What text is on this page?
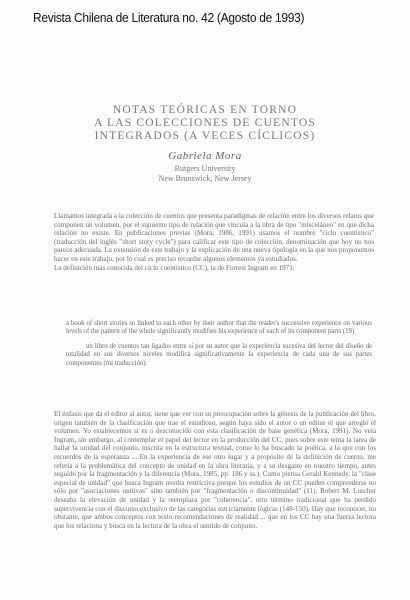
Revista Chilena de Literatura no. 42 (Agosto de 1993)
NOTAS TEÓRICAS EN TORNO
A LAS COLECCIONES DE CUENTOS
INTEGRADOS (A VECES CÍCLICOS)
Gabriela Mora
Rutgers University
New Brunswick, New Jersey

Llamamos integrada a la colección de cuentos que presenta paradigmas de relación entre los diversos relatos que componen un volumen, por el siguiente tipo de relación que vincula a la obra de tipo "misceláneo" en que dicha relación no existe. En publicaciones previas (Mora, 1986, 1991) usamos el nombre "ciclo cuentístico" (traducción del inglés "short story cycle") para calificar este tipo de colección, denominación que hoy no nos parece adecuada. La extensión de este trabajo y la explicación de una nueva tipología en la que nos proponemos hacer en este trabajo, por lo cual es preciso recordar algunos elementos ya estudiados.

La definición más conocida del ciclo cuentístico (CC), la de Forrest Ingram en 1971:

a book of short stories so linked to each other by their author that the reader's successive experience on various levels of the pattern of the whole significantly modifies his experience of each of its component parts (19).

un libro de cuentos tan ligados entre sí por su autor que la experiencia sucesiva del lector del diseño de totalidad en sus diversos niveles modifica significativamente la experiencia de cada una de sus partes componentes (mi traducción).

El énfasis que da el editor al autor, tiene que ver con su preocupación sobre la génesis de la publicación del libro, origen también de la clasificación que trae el estudioso, según haya sido el autor o un editor el que arregló el volumen. Yo establecemos si es o desconocido con esta clasificación de base genética (Mora, 1991). No veía Ingram, sin embargo, al contemplar el papel del lector en la producción del CC, pues sobre este tema la tarea de hallar la unidad del conjunto, inscrita en la estructura textual, como lo ha buscado la poética, a la que con los recuerdos de la esperanza ... En la experiencia de ese otro lugar y a propósito de la definición de cuento, me refería a la problemática del concepto de unidad en la obra literaria, y a su desgaste en nuestro tiempo, antes seguido por la fragmentación y la diferencia (Mora, 1985, pp. 186 y ss.). Como piensa Gerald Kennedy, la "clase especial de unidad" que busca Ingram resulta restrictiva porque los estudios de un CC pueden comprenderse no sólo por "asociaciones unitivas" sino también por "fragmentación o discontinuidad" (11). Robert M. Luscher deseaba la elevación de unidad y la reemplaza por "coherencia", otro término tradicional que ha perdido supervivencia con el discurso exclusivo de las categorías estrictamente lógicas (148-150). Hay que reconocer, no obstante, que ambos conceptos con texto recomendaciones de realidad ... que en los CC hay una fuerza lectora que los relaciona y busca en la lectura de la obra el sentido de conjunto.
